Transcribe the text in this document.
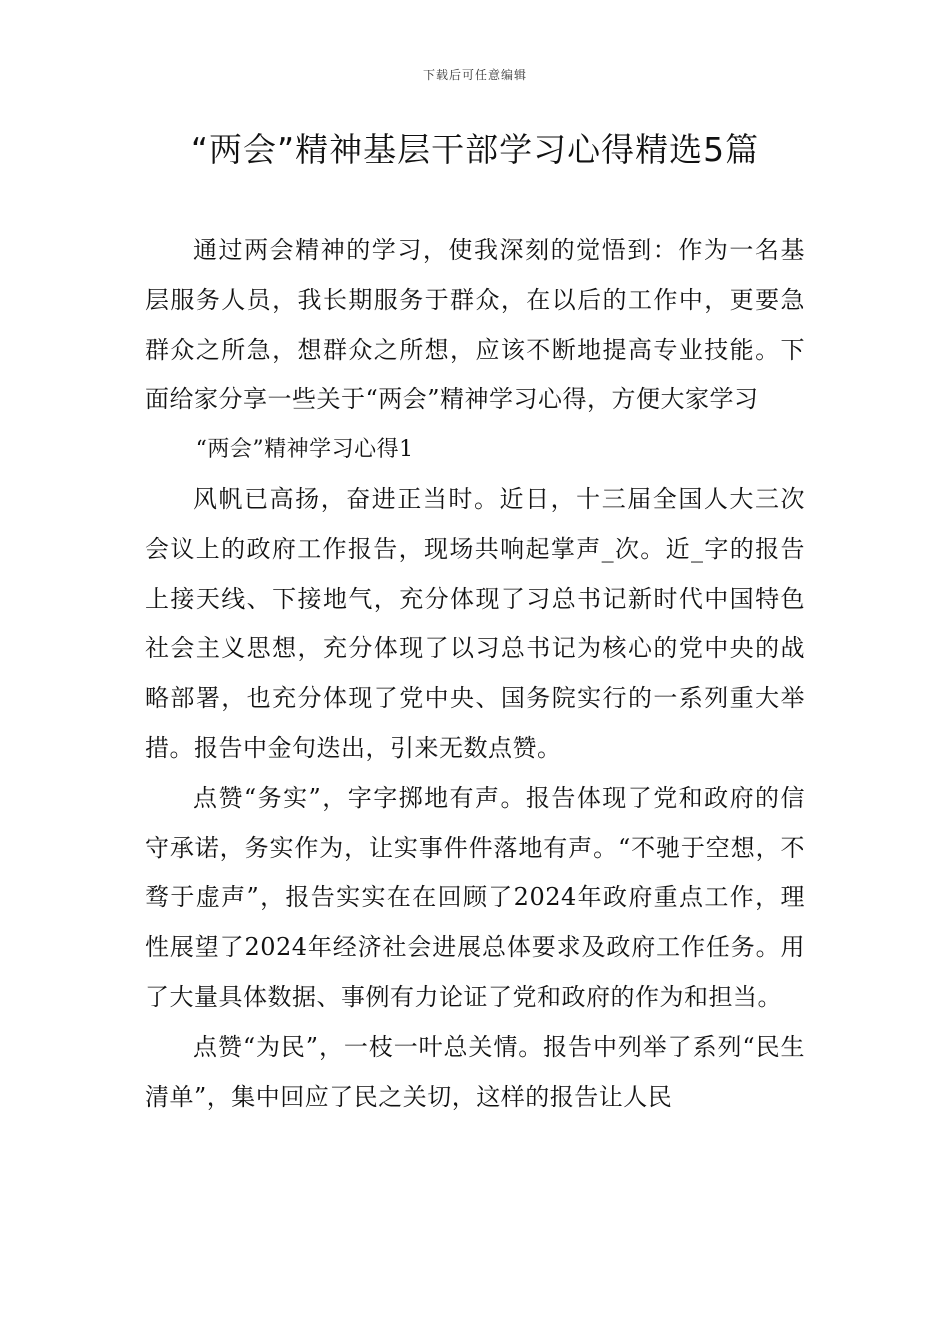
下载后可任意编辑
“两会”精神基层干部学习心得精选5篇

通过两会精神的学习，使我深刻的觉悟到：作为一名基层服务人员，我长期服务于群众，在以后的工作中，更要急群众之所急，想群众之所想，应该不断地提高专业技能。下面给家分享一些关于“两会”精神学习心得，方便大家学习

“两会”精神学习心得1

风帆已高扬，奋进正当时。近日，十三届全国人大三次会议上的政府工作报告，现场共响起掌声_次。近_字的报告上接天线、下接地气，充分体现了习总书记新时代中国特色社会主义思想，充分体现了以习总书记为核心的党中央的战略部署，也充分体现了党中央、国务院实行的一系列重大举措。报告中金句迭出，引来无数点赞。

点赞“务实”，字字掷地有声。报告体现了党和政府的信守承诺，务实作为，让实事件件落地有声。“不驰于空想，不骛于虚声”，报告实实在在回顾了2024年政府重点工作，理性展望了2024年经济社会进展总体要求及政府工作任务。用了大量具体数据、事例有力论证了党和政府的作为和担当。

点赞“为民”，一枝一叶总关情。报告中列举了系列“民生清单”，集中回应了民之关切，这样的报告让人民
